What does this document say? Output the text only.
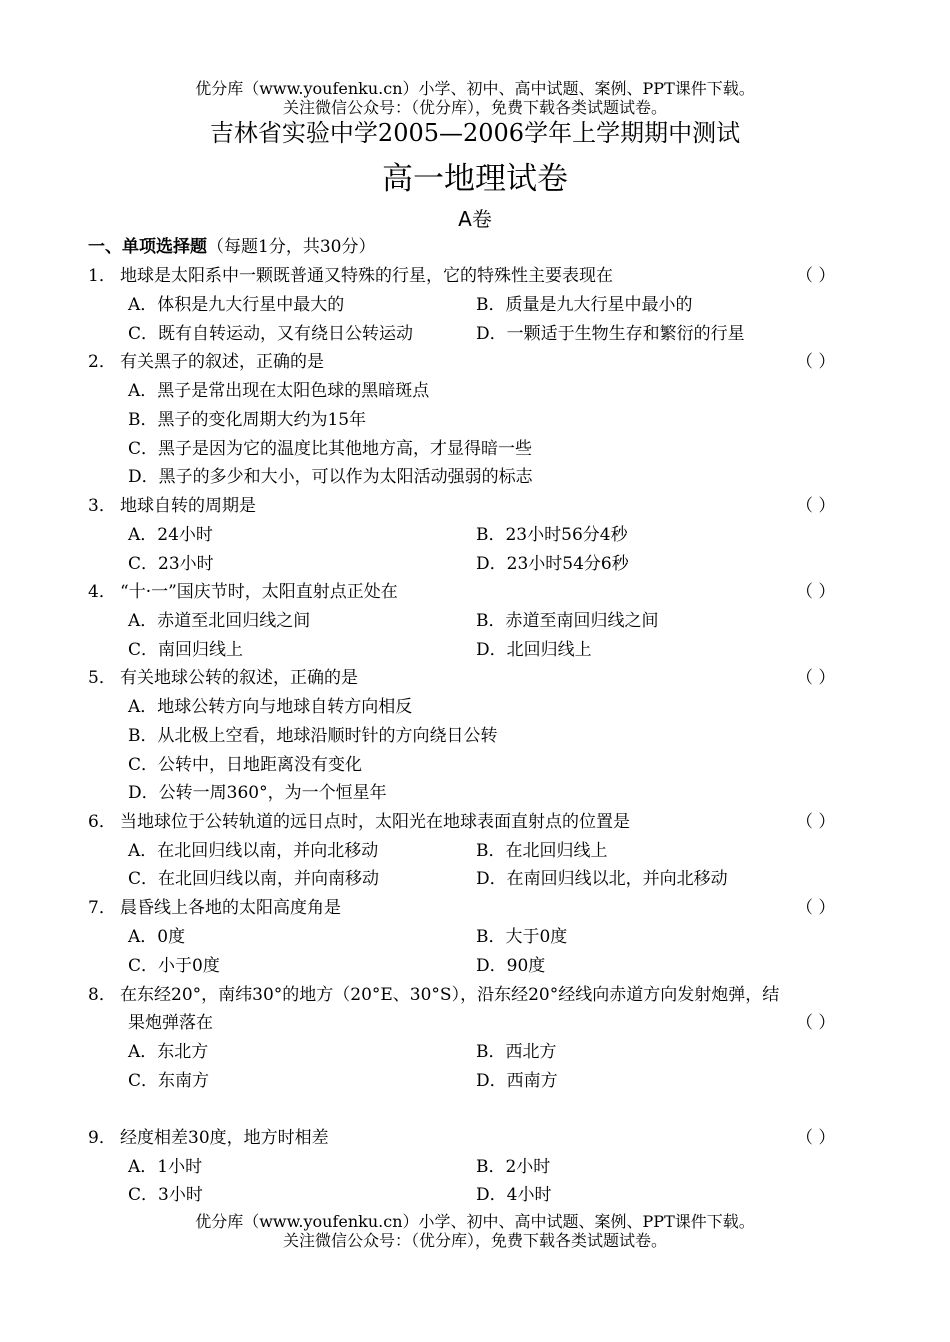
优分库（www.youfenku.cn）小学、初中、高中试题、案例、PPT课件下载。
关注微信公众号：（优分库），免费下载各类试题试卷。
吉林省实验中学2005—2006学年上学期期中测试
高一地理试卷
A卷
一、单项选择题（每题1分，共30分）
1． 地球是太阳系中一颗既普通又特殊的行星，它的特殊性主要表现在	（ ）
A．体积是九大行星中最大的	B．质量是九大行星中最小的
C．既有自转运动，又有绕日公转运动	D．一颗适于生物生存和繁衍的行星
2． 有关黑子的叙述，正确的是	（ ）
A．黑子是常出现在太阳色球的黑暗斑点
B．黑子的变化周期大约为15年
C．黑子是因为它的温度比其他地方高，才显得暗一些
D．黑子的多少和大小，可以作为太阳活动强弱的标志
3． 地球自转的周期是	（ ）
A．24小时	B．23小时56分4秒
C．23小时	D．23小时54分6秒
4． “十·一”国庆节时，太阳直射点正处在	（ ）
A．赤道至北回归线之间	B．赤道至南回归线之间
C．南回归线上	D．北回归线上
5． 有关地球公转的叙述，正确的是	（ ）
A．地球公转方向与地球自转方向相反
B．从北极上空看，地球沿顺时针的方向绕日公转
C．公转中，日地距离没有变化
D．公转一周360°，为一个恒星年
6． 当地球位于公转轨道的远日点时，太阳光在地球表面直射点的位置是	（ ）
A．在北回归线以南，并向北移动	B．在北回归线上
C．在北回归线以南，并向南移动	D．在南回归线以北，并向北移动
7． 晨昏线上各地的太阳高度角是	（ ）
A．0度	B．大于0度
C．小于0度	D．90度
8． 在东经20°，南纬30°的地方（20°E、30°S），沿东经20°经线向赤道方向发射炮弹，结
果炮弹落在	（ ）
A．东北方	B．西北方
C．东南方	D．西南方
9． 经度相差30度，地方时相差	（ ）
A．1小时	B．2小时
C．3小时	D．4小时
优分库（www.youfenku.cn）小学、初中、高中试题、案例、PPT课件下载。
关注微信公众号：（优分库），免费下载各类试题试卷。
